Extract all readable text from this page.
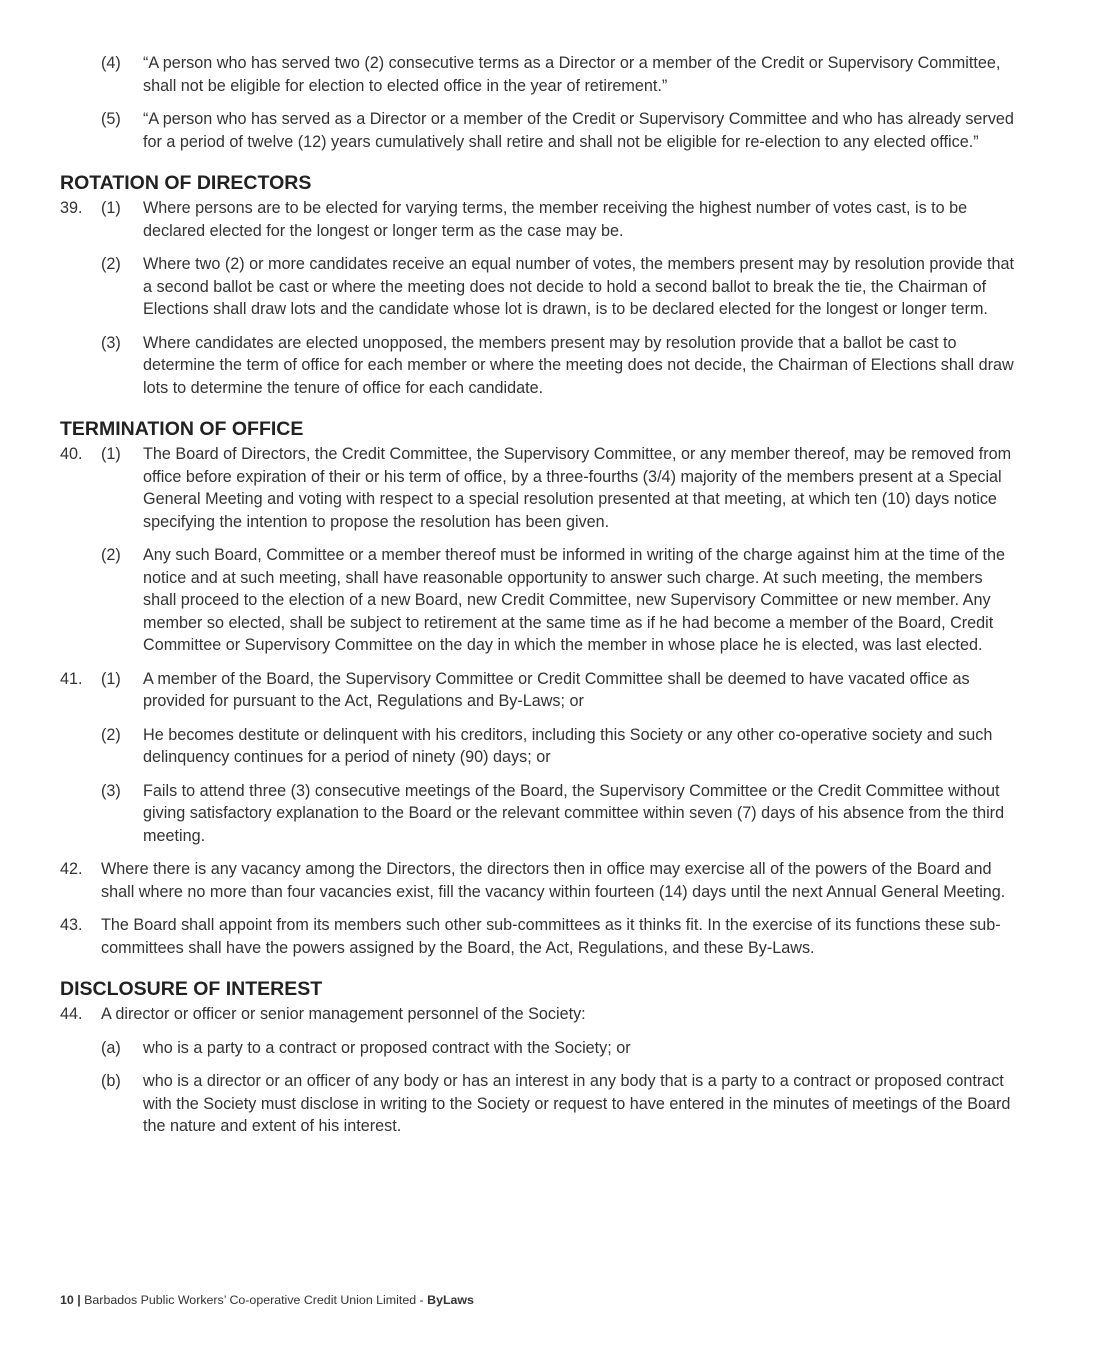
(4) “A person who has served two (2) consecutive terms as a Director or a member of the Credit or Supervisory Committee, shall not be eligible for election to elected office in the year of retirement.”
(5) “A person who has served as a Director or a member of the Credit or Supervisory Committee and who has already served for a period of twelve (12) years cumulatively shall retire and shall not be eligible for re-election to any elected office.”
ROTATION OF DIRECTORS
39. (1) Where persons are to be elected for varying terms, the member receiving the highest number of votes cast, is to be declared elected for the longest or longer term as the case may be.
(2) Where two (2) or more candidates receive an equal number of votes, the members present may by resolution provide that a second ballot be cast or where the meeting does not decide to hold a second ballot to break the tie, the Chairman of Elections shall draw lots and the candidate whose lot is drawn, is to be declared elected for the longest or longer term.
(3) Where candidates are elected unopposed, the members present may by resolution provide that a ballot be cast to determine the term of office for each member or where the meeting does not decide, the Chairman of Elections shall draw lots to determine the tenure of office for each candidate.
TERMINATION OF OFFICE
40. (1) The Board of Directors, the Credit Committee, the Supervisory Committee, or any member thereof, may be removed from office before expiration of their or his term of office, by a three-fourths (3/4) majority of the members present at a Special General Meeting and voting with respect to a special resolution presented at that meeting, at which ten (10) days notice specifying the intention to propose the resolution has been given.
(2) Any such Board, Committee or a member thereof must be informed in writing of the charge against him at the time of the notice and at such meeting, shall have reasonable opportunity to answer such charge. At such meeting, the members shall proceed to the election of a new Board, new Credit Committee, new Supervisory Committee or new member. Any member so elected, shall be subject to retirement at the same time as if he had become a member of the Board, Credit Committee or Supervisory Committee on the day in which the member in whose place he is elected, was last elected.
41. (1) A member of the Board, the Supervisory Committee or Credit Committee shall be deemed to have vacated office as provided for pursuant to the Act, Regulations and By-Laws; or
(2) He becomes destitute or delinquent with his creditors, including this Society or any other co-operative society and such delinquency continues for a period of ninety (90) days; or
(3) Fails to attend three (3) consecutive meetings of the Board, the Supervisory Committee or the Credit Committee without giving satisfactory explanation to the Board or the relevant committee within seven (7) days of his absence from the third meeting.
42. Where there is any vacancy among the Directors, the directors then in office may exercise all of the powers of the Board and shall where no more than four vacancies exist, fill the vacancy within fourteen (14) days until the next Annual General Meeting.
43. The Board shall appoint from its members such other sub-committees as it thinks fit. In the exercise of its functions these sub-committees shall have the powers assigned by the Board, the Act, Regulations, and these By-Laws.
DISCLOSURE OF INTEREST
44. A director or officer or senior management personnel of the Society:
(a) who is a party to a contract or proposed contract with the Society; or
(b) who is a director or an officer of any body or has an interest in any body that is a party to a contract or proposed contract with the Society must disclose in writing to the Society or request to have entered in the minutes of meetings of the Board the nature and extent of his interest.
10 | Barbados Public Workers’ Co-operative Credit Union Limited - ByLaws
